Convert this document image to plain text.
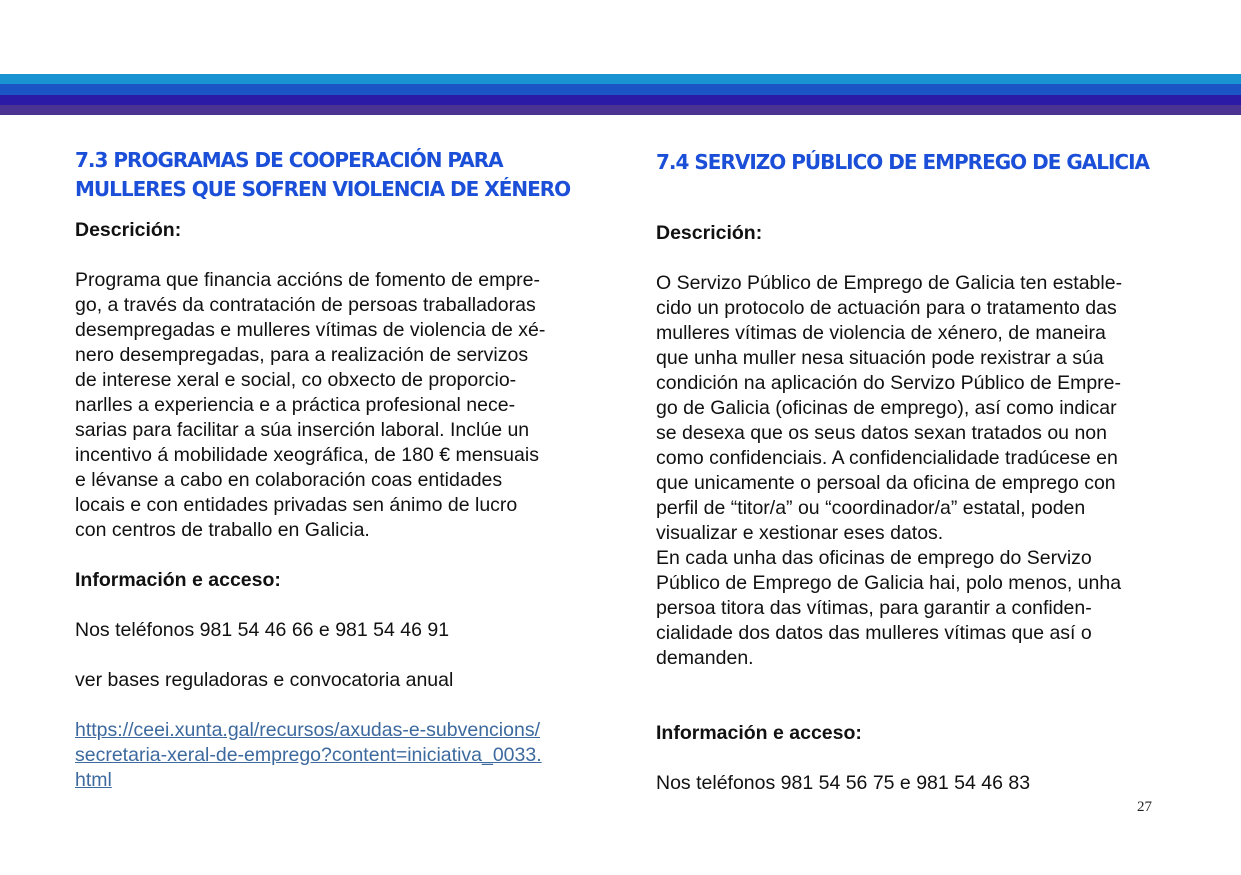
7.3 PROGRAMAS DE COOPERACIÓN PARA MULLERES QUE SOFREN VIOLENCIA DE XÉNERO

Descrición:

Programa que financia accións de fomento de empre-
go, a través da contratación de persoas traballadoras
desempregadas e mulleres vítimas de violencia de xé-
nero desempregadas, para a realización de servizos
de interese xeral e social, co obxecto de proporcio-
narlles a experiencia e a práctica profesional nece-
sarias para facilitar a súa inserción laboral. Inclúe un
incentivo á mobilidade xeográfica, de 180 € mensuais
e lévanse a cabo en colaboración coas entidades
locais e con entidades privadas sen ánimo de lucro
con centros de traballo en Galicia.

Información e acceso:

Nos teléfonos 981 54 46 66 e 981 54 46 91

ver bases reguladoras e convocatoria anual

https://ceei.xunta.gal/recursos/axudas-e-subvencions/
secretaria-xeral-de-emprego?content=iniciativa_0033.
html
7.4 SERVIZO PÚBLICO DE EMPREGO DE GALICIA

Descrición:

O Servizo Público de Emprego de Galicia ten estable-
cido un protocolo de actuación para o tratamento das
mulleres vítimas de violencia de xénero, de maneira
que unha muller nesa situación pode rexistrar a súa
condición na aplicación do Servizo Público de Empre-
go de Galicia (oficinas de emprego), así como indicar
se desexa que os seus datos sexan tratados ou non
como confidenciais. A confidencialidade tradúcese en
que unicamente o persoal da oficina de emprego con
perfil de “titor/a” ou “coordinador/a” estatal, poden
visualizar e xestionar eses datos.
En cada unha das oficinas de emprego do Servizo
Público de Emprego de Galicia hai, polo menos, unha
persoa titora das vítimas, para garantir a confiden-
cialidade dos datos das mulleres vítimas que así o
demanden.

Información e acceso:

Nos teléfonos 981 54 56 75 e 981 54 46 83

27
